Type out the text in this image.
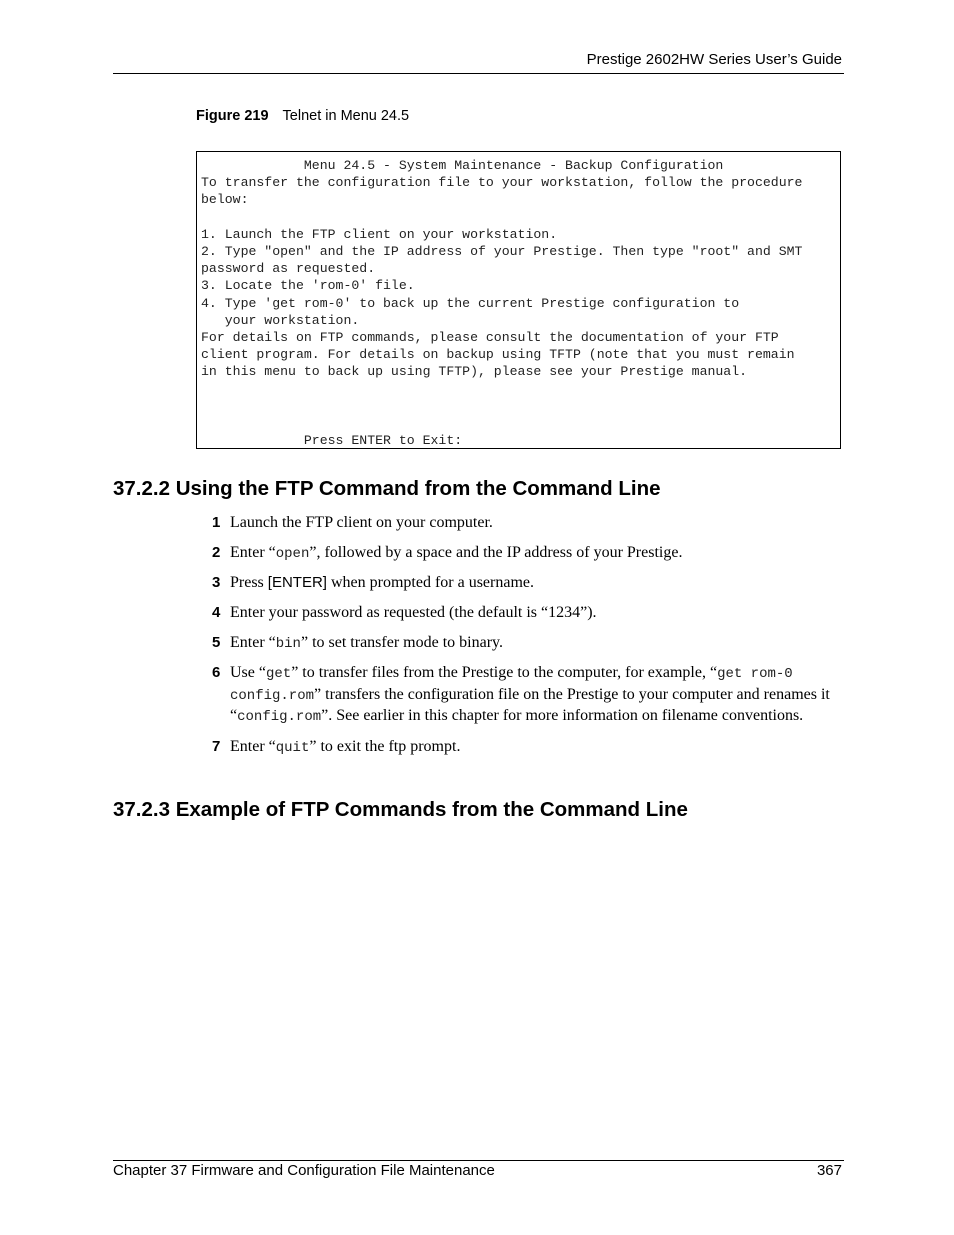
Prestige 2602HW Series User’s Guide
Figure 219 Telnet in Menu 24.5
Menu 24.5 - System Maintenance - Backup Configuration
To transfer the configuration file to your workstation, follow the procedure
below:

1. Launch the FTP client on your workstation.
2. Type "open" and the IP address of your Prestige. Then type "root" and SMT
password as requested.
3. Locate the 'rom-0' file.
4. Type 'get rom-0' to back up the current Prestige configuration to
your workstation.
For details on FTP commands, please consult the documentation of your FTP
client program. For details on backup using TFTP (note that you must remain
in this menu to back up using TFTP), please see your Prestige manual.

Press ENTER to Exit:
37.2.2 Using the FTP Command from the Command Line
1 Launch the FTP client on your computer.
2 Enter “open”, followed by a space and the IP address of your Prestige.
3 Press [ENTER] when prompted for a username.
4 Enter your password as requested (the default is “1234”).
5 Enter “bin” to set transfer mode to binary.
6 Use “get” to transfer files from the Prestige to the computer, for example, “get rom-0 config.rom” transfers the configuration file on the Prestige to your computer and renames it “config.rom”. See earlier in this chapter for more information on filename conventions.
7 Enter “quit” to exit the ftp prompt.
37.2.3 Example of FTP Commands from the Command Line
Chapter 37 Firmware and Configuration File Maintenance	367
